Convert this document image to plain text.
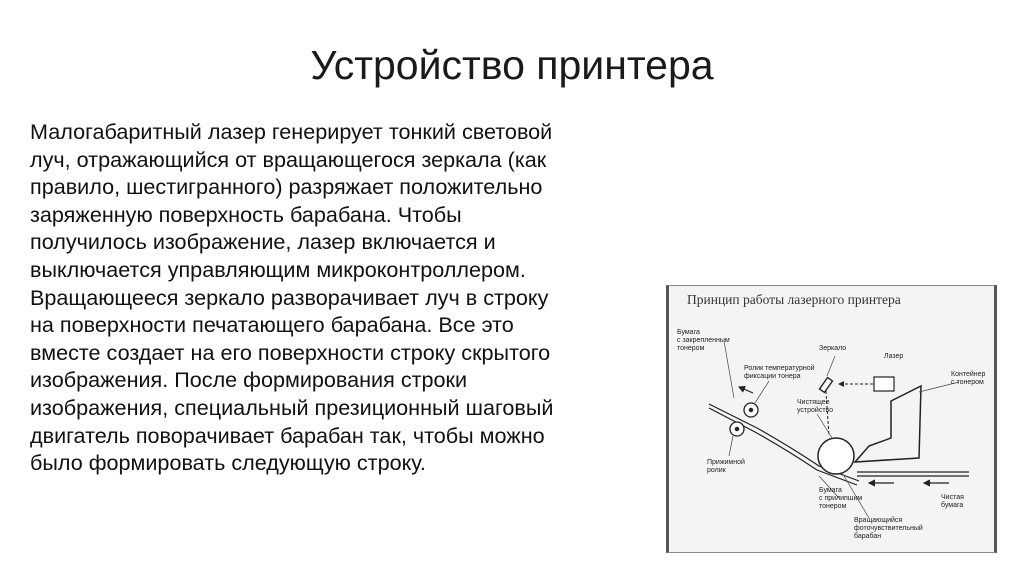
Устройство принтера
Малогабаритный лазер генерирует тонкий световой
луч, отражающийся от вращающегося зеркала (как
правило, шестигранного) разряжает положительно
заряженную поверхность барабана. Чтобы
получилось изображение, лазер включается и
выключается управляющим микроконтроллером.
Вращающееся зеркало разворачивает луч в строку
на поверхности печатающего барабана. Все это
вместе создает на его поверхности строку скрытого
изображения. После формирования строки
изображения, специальный презиционный шаговый
двигатель поворачивает барабан так, чтобы можно
было формировать следующую строку.
Принцип работы лазерного принтера
Бумага
с закрепленным
тонером
Ролик температурной
фиксации тонера
Зеркало
Лазер
Контейнер
с тонером
Чистящее
устройство
Прижимной
ролик
Бумага
с прилипшим
тонером
Чистая
бумага
Вращающийся
фоточувствительный
барабан
